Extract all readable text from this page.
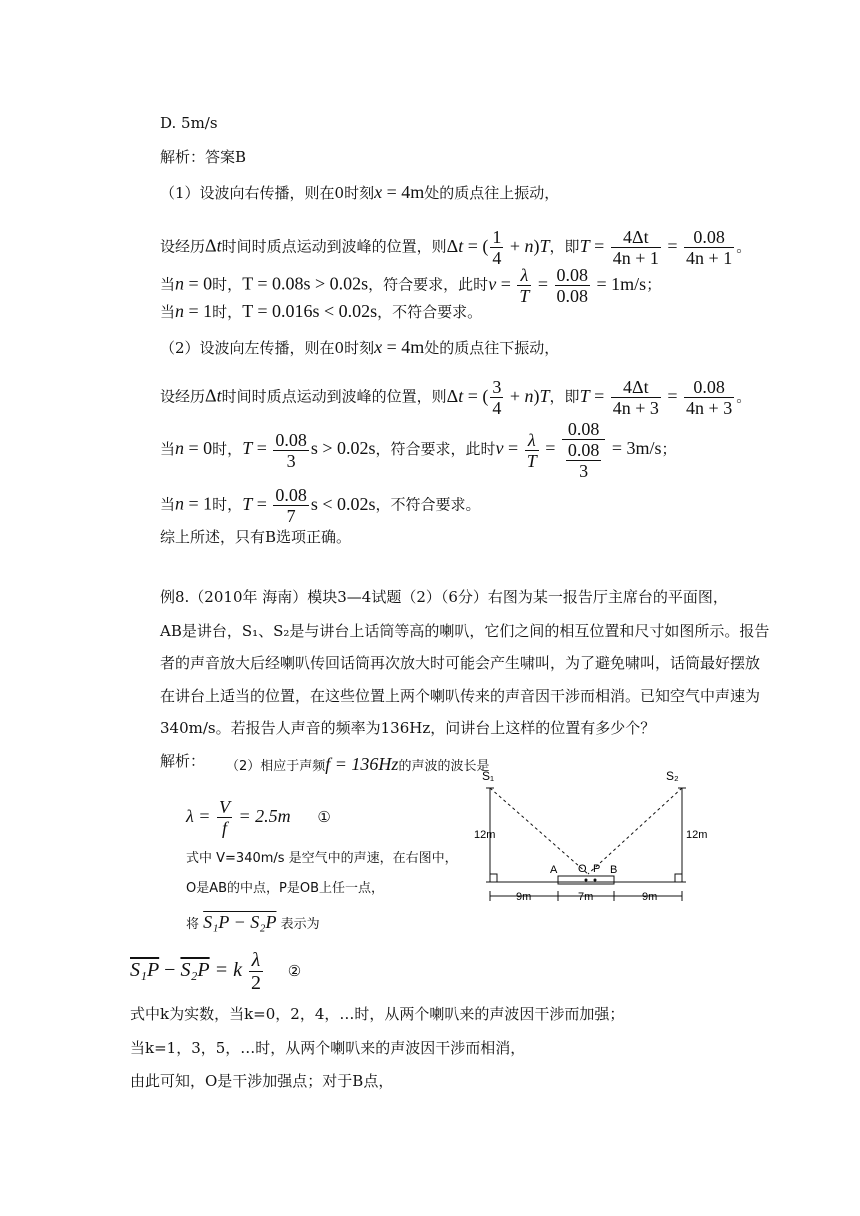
D. 5m/s
解析：答案B
（1）设波向右传播，则在0时刻x = 4m处的质点往上振动，
设经历Δt时间时质点运动到波峰的位置，则Δt = ( $\frac{1}{4} + n)T$，即$T = \frac{4\Delta t}{4n + 1} = \frac{0.08}{4n + 1}$ 。
当n = 0时，T = 0.08s > 0.02s，符合要求，此时$v = \frac{\lambda}{T} = \frac{0.08}{0.08} = 1m/s$；
当n = 1时，T = 0.016s < 0.02s，不符合要求。
（2）设波向左传播，则在0时刻x = 4m处的质点往下振动，
设经历Δt时间时质点运动到波峰的位置，则Δt = ( $\frac{3}{4} + n)T$，即$T = \frac{4\Delta t}{4n + 3} = \frac{0.08}{4n + 3}$ 。
当n = 0时，$T = \frac{0.08}{3}$ s > 0.02s，符合要求，此时$v = \frac{\lambda}{T} = \frac{0.08}{\frac{0.08}{3}} = 3m/s$；
当n = 1时，$T = \frac{0.08}{7}$ s < 0.02s，不符合要求。
综上所述，只有B选项正确。
例8.（2010年 海南）模块3—4试题（2）（6分）右图为某一报告厅主席台的平面图，
AB是讲台，S₁、S₂是与讲台上话筒等高的喇叭，它们之间的相互位置和尺寸如图所示。报告
者的声音放大后经喇叭传回话筒再次放大时可能会产生啸叫，为了避免啸叫，话筒最好摆放
在讲台上适当的位置，在这些位置上两个喇叭传来的声音因干涉而相消。已知空气中声速为
340m/s。若报告人声音的频率为136Hz，问讲台上这样的位置有多少个？
解析： （2）相应于声频f = 136Hz的声波的波长是
$\lambda = \frac{V}{f} = 2.5m$ ①
式中 V=340m/s 是空气中的声速，在右图中，
O是AB的中点，P是OB上任一点，
将 S₁P − S₂P 表示为
S₁P − S₂P = k $\frac{\lambda}{2}$ ②
式中k为实数，当k=0，2，4，…时，从两个喇叭来的声波因干涉而加强；
当k=1，3，5，…时，从两个喇叭来的声波因干涉而相消，
由此可知，O是干涉加强点；对于B点，
S₁	S₂
12m	12m
A O P B
9m	7m	9m
